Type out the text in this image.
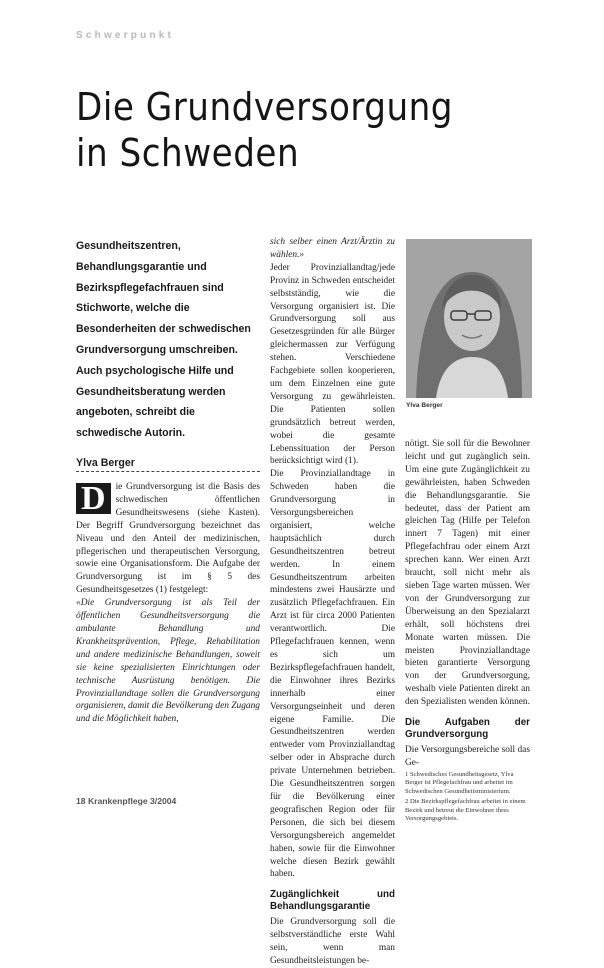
Schwerpunkt
Die Grundversorgung
in Schweden
Gesundheitszentren, Behandlungsgarantie und Bezirkspflegefachfrauen sind Stichworte, welche die Besonderheiten der schwedischen Grundversorgung umschreiben. Auch psychologische Hilfe und Gesundheitsberatung werden angeboten, schreibt die schwedische Autorin.
Ylva Berger
D	ie Grundversorgung ist die Basis des schwedischen öffentlichen Gesundheitswesens (siehe Kasten). Der Begriff Grundversorgung bezeichnet das Niveau und den Anteil der medizinischen, pflegerischen und therapeutischen Versorgung, sowie eine Organisationsform. Die Aufgabe der Grundversorgung ist im § 5 des Gesundheitsgesetzes (1) festgelegt:

«Die Grundversorgung ist als Teil der öffentlichen Gesundheitsversorgung die ambulante Behandlung und Krankheitsprävention, Pflege, Rehabilitation und andere medizinische Behandlungen, soweit sie keine spezialisierten Einrichtungen oder technische Ausrüstung benötigen. Die Provinziallandtage sollen die Grundversorgung organisieren, damit die Bevölkerung den Zugang und die Möglichkeit haben,

sich selber einen Arzt/Ärztin zu wählen.»

Jeder Provinziallandtag/jede Provinz in Schweden entscheidet selbstständig, wie die Versorgung organisiert ist. Die Grundversorgung soll aus Gesetzesgründen für alle Bürger gleichermassen zur Verfügung stehen. Verschiedene Fachgebiete sollen kooperieren, um dem Einzelnen eine gute Versorgung zu gewährleisten. Die Patienten sollen grundsätzlich betreut werden, wobei die gesamte Lebenssituation der Person berücksichtigt wird (1).

Die Provinziallandtage in Schweden haben die Grundversorgung in Versorgungsbereichen organisiert, welche hauptsächlich durch Gesundheitszentren betreut werden. In einem Gesundheitszentrum arbeiten mindestens zwei Hausärzte und zusätzlich Pflegefachfrauen. Ein Arzt ist für circa 2000 Patienten verantwortlich. Die Pflegefachfrauen kennen, wenn es sich um Bezirkspflegefachfrauen handelt, die Einwohner ihres Bezirks innerhalb einer Versorgungseinheit und deren eigene Familie. Die Gesundheitszentren werden entweder vom Provinziallandtag selber oder in Absprache durch private Unternehmen betrieben. Die Gesundheitszentren sorgen für die Bevölkerung einer geografischen Region oder für Personen, die sich bei diesem Versorgungsbereich angemeldet haben, sowie für die Einwohner welche diesen Bezirk gewählt haben.

Zugänglichkeit und Behandlungsgarantie

Die Grundversorgung soll die selbstverständliche erste Wahl sein, wenn man Gesundheitsleistungen be-

Ylva Berger

nötigt. Sie soll für die Bewohner leicht und gut zugänglich sein. Um eine gute Zugänglichkeit zu gewährleisten, haben Schweden die Behandlungsgarantie. Sie bedeutet, dass der Patient am gleichen Tag (Hilfe per Telefon innert 7 Tagen) mit einer Pflegefachfrau oder einem Arzt sprechen kann. Wer einen Arzt braucht, soll nicht mehr als sieben Tage warten müssen. Wer von der Grundversorgung zur Überweisung an den Spezialarzt erhält, soll höchstens drei Monate warten müssen. Die meisten Provinziallandtage bieten garantierte Versorgung von der Grundversorgung, weshalb viele Patienten direkt an den Spezialisten wenden können.

Die Aufgaben der Grundversorgung

Die Versorgungsbereiche soll das Ge-

1 Schwedisches Gesundheitsgesetz, Ylva Berger ist Pflegefachfrau und arbeitet im Schwedischen Gesundheitsministerium.

2 Die Bezirkspflegefachfrau arbeitet in einem Bezirk und betreut die Einwohner ihres Versorgungsgebiets.

18 Krankenpflege 3/2004
